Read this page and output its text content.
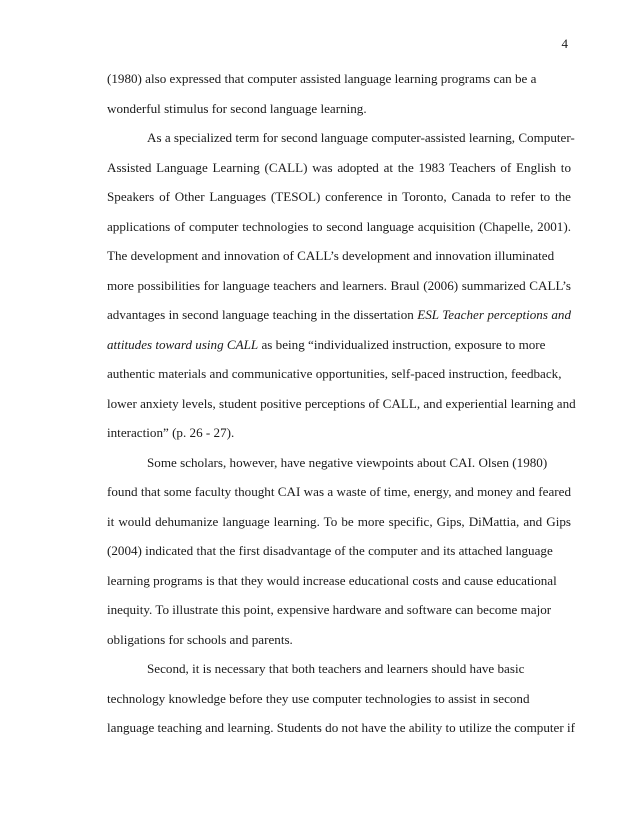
4
(1980) also expressed that computer assisted language learning programs can be a
wonderful stimulus for second language learning.
As a specialized term for second language computer-assisted learning, Computer-
Assisted Language Learning (CALL) was adopted at the 1983 Teachers of English to
Speakers of Other Languages (TESOL) conference in Toronto, Canada to refer to the
applications of computer technologies to second language acquisition (Chapelle, 2001).
The development and innovation of CALL’s development and innovation illuminated
more possibilities for language teachers and learners. Braul (2006) summarized CALL’s
advantages in second language teaching in the dissertation ESL Teacher perceptions and
attitudes toward using CALL as being “individualized instruction, exposure to more
authentic materials and communicative opportunities, self-paced instruction, feedback,
lower anxiety levels, student positive perceptions of CALL, and experiential learning and
interaction” (p. 26 - 27).
Some scholars, however, have negative viewpoints about CAI. Olsen (1980)
found that some faculty thought CAI was a waste of time, energy, and money and feared
it would dehumanize language learning. To be more specific, Gips, DiMattia, and Gips
(2004) indicated that the first disadvantage of the computer and its attached language
learning programs is that they would increase educational costs and cause educational
inequity. To illustrate this point, expensive hardware and software can become major
obligations for schools and parents.
Second, it is necessary that both teachers and learners should have basic
technology knowledge before they use computer technologies to assist in second
language teaching and learning. Students do not have the ability to utilize the computer if
